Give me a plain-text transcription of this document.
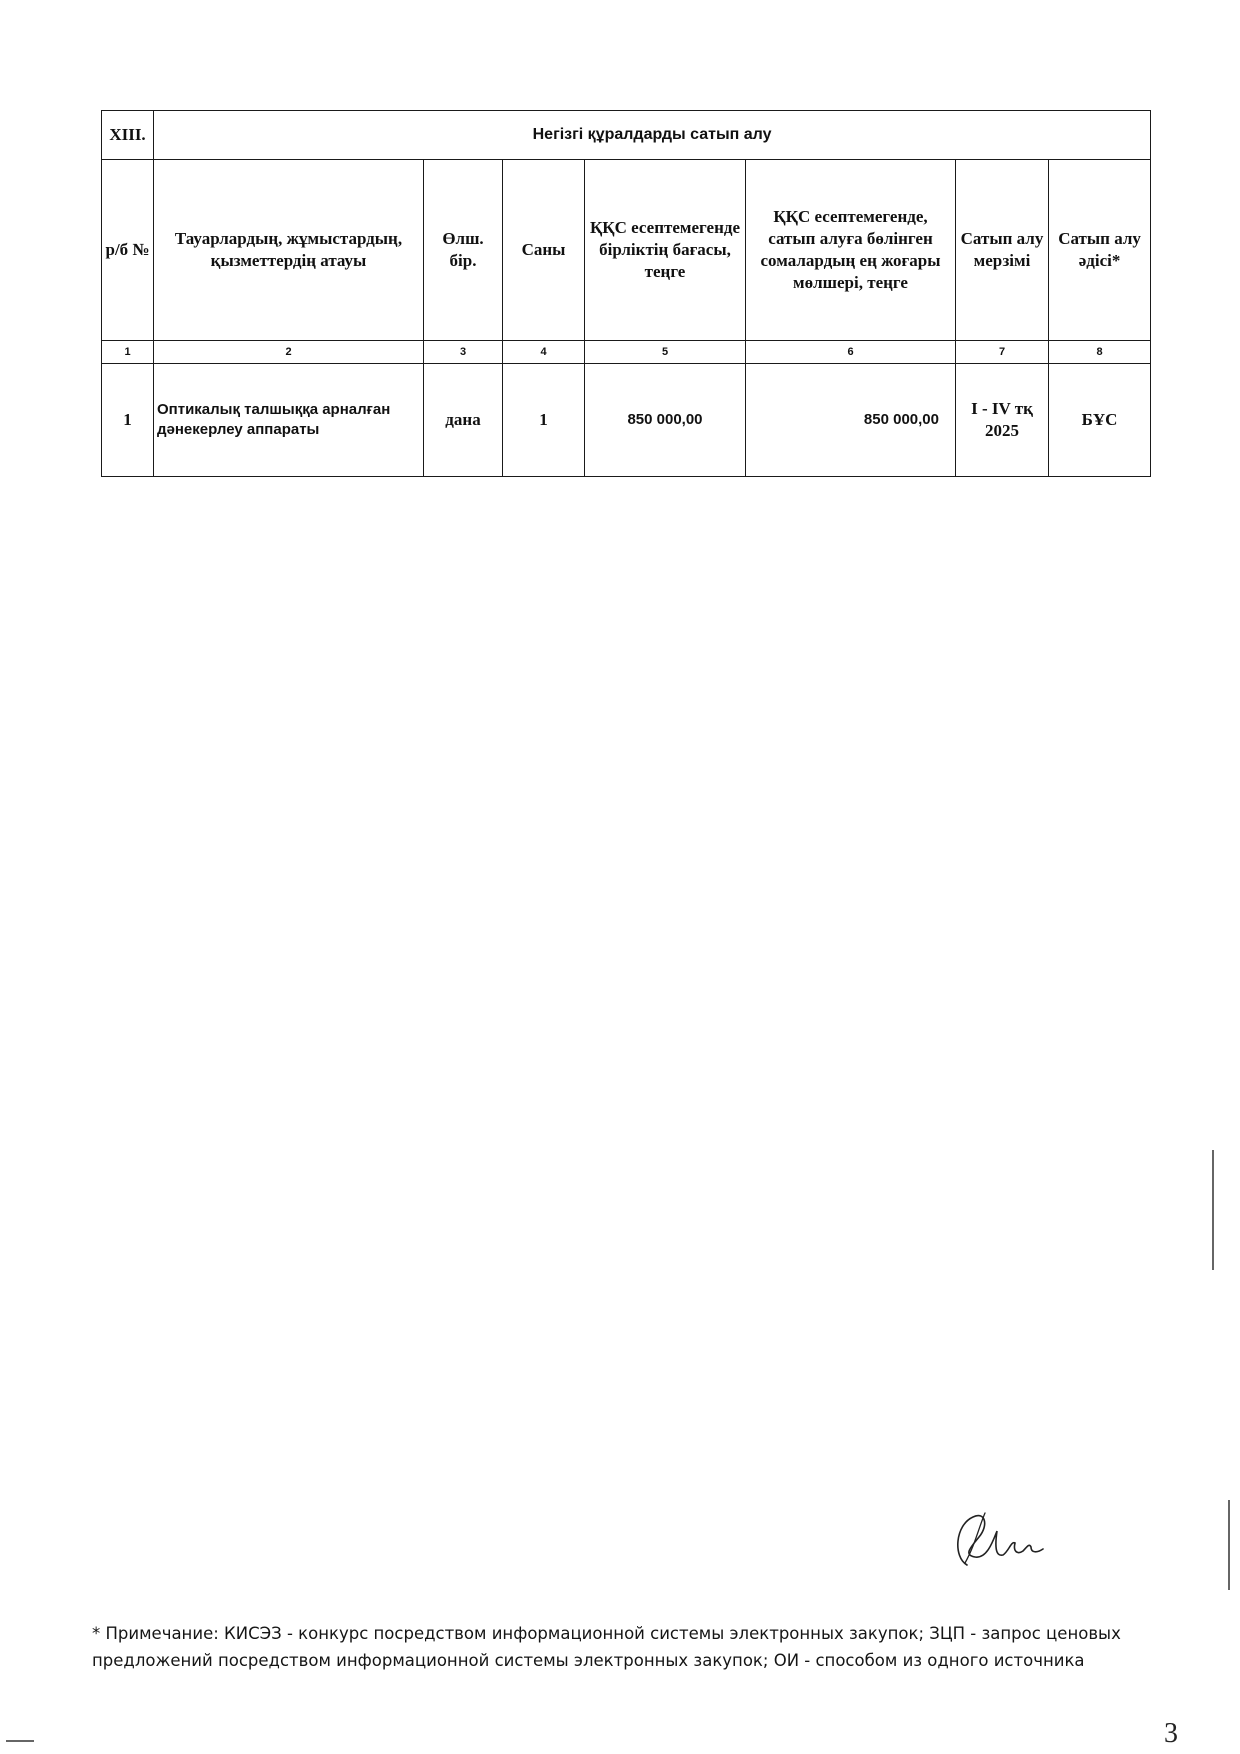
XIII.	Негізгі құралдарды сатып алу						
р/б №	Тауарлардың, жұмыстардың, қызметтердің атауы	Өлш. бір.	Саны	ҚҚС есептемегенде бірліктің бағасы, теңге	ҚҚС есептемегенде, сатып алуға бөлінген сомалардың ең жоғары мөлшері, теңге	Сатып алу мерзімі	Сатып алу әдісі*
1	2	3	4	5	6	7	8
1	Оптикалық талшыққа арналған дәнекерлеу аппараты	дана	1	850 000,00	850 000,00	I - IV тқ 2025	БҰС
* Примечание: КИСЭЗ - конкурс посредством информационной системы электронных закупок; ЗЦП - запрос ценовых предложений посредством информационной системы электронных закупок; ОИ - способом из одного источника
3
